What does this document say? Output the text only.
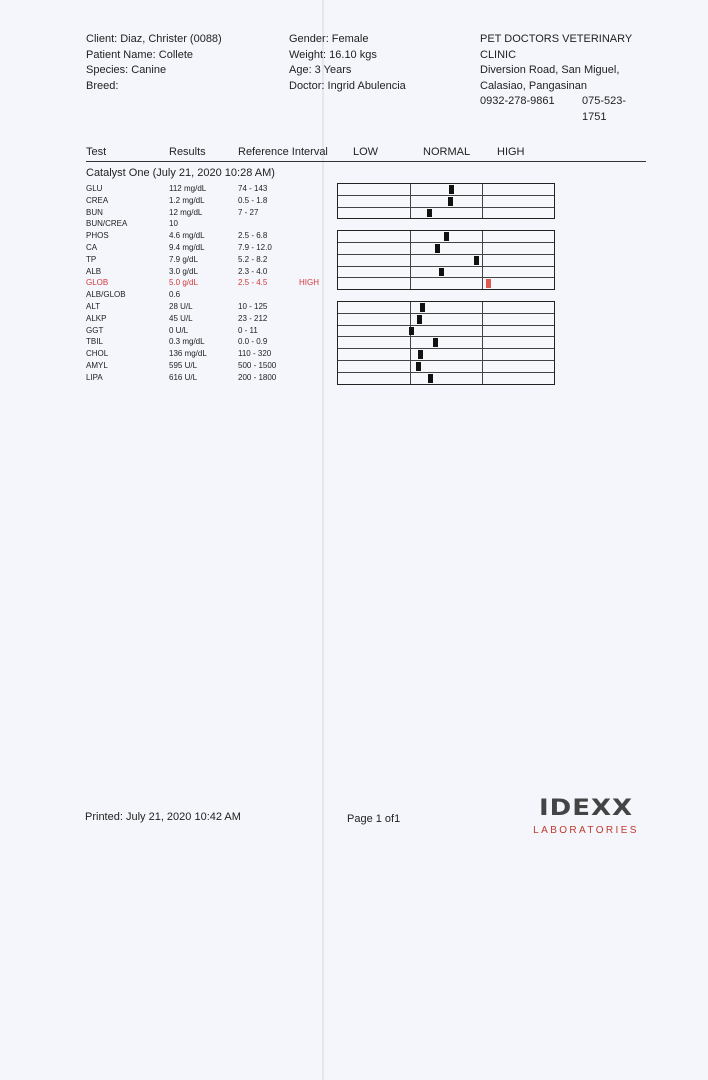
Client: Diaz, Christer (0088)
Patient Name: Collete
Species: Canine
Breed:
Gender: Female
Weight: 16.10 kgs
Age: 3 Years
Doctor: Ingrid Abulencia
PET DOCTORS VETERINARY CLINIC
Diversion Road, San Miguel,
Calasiao, Pangasinan
0932-278-9861 075-523-1751
Test	Results	Reference Interval LOW	NORMAL HIGH
Catalyst One (July 21, 2020 10:28 AM)
GLU	112 mg/dL	74 - 143
CREA	1.2 mg/dL	0.5 - 1.8
BUN	12 mg/dL	7 - 27
BUN/CREA	10
PHOS	4.6 mg/dL	2.5 - 6.8
CA	9.4 mg/dL	7.9 - 12.0
TP	7.9 g/dL	5.2 - 8.2
ALB	3.0 g/dL	2.3 - 4.0
GLOB	5.0 g/dL	2.5 - 4.5	HIGH
ALB/GLOB	0.6
ALT	28 U/L	10 - 125
ALKP	45 U/L	23 - 212
GGT	0 U/L	0 - 11
TBIL	0.3 mg/dL	0.0 - 0.9
CHOL	136 mg/dL	110 - 320
AMYL	595 U/L	500 - 1500
LIPA	616 U/L	200 - 1800
Printed: July 21, 2020 10:42 AM	Page 1 of1	IDEXX
LABORATORIES
